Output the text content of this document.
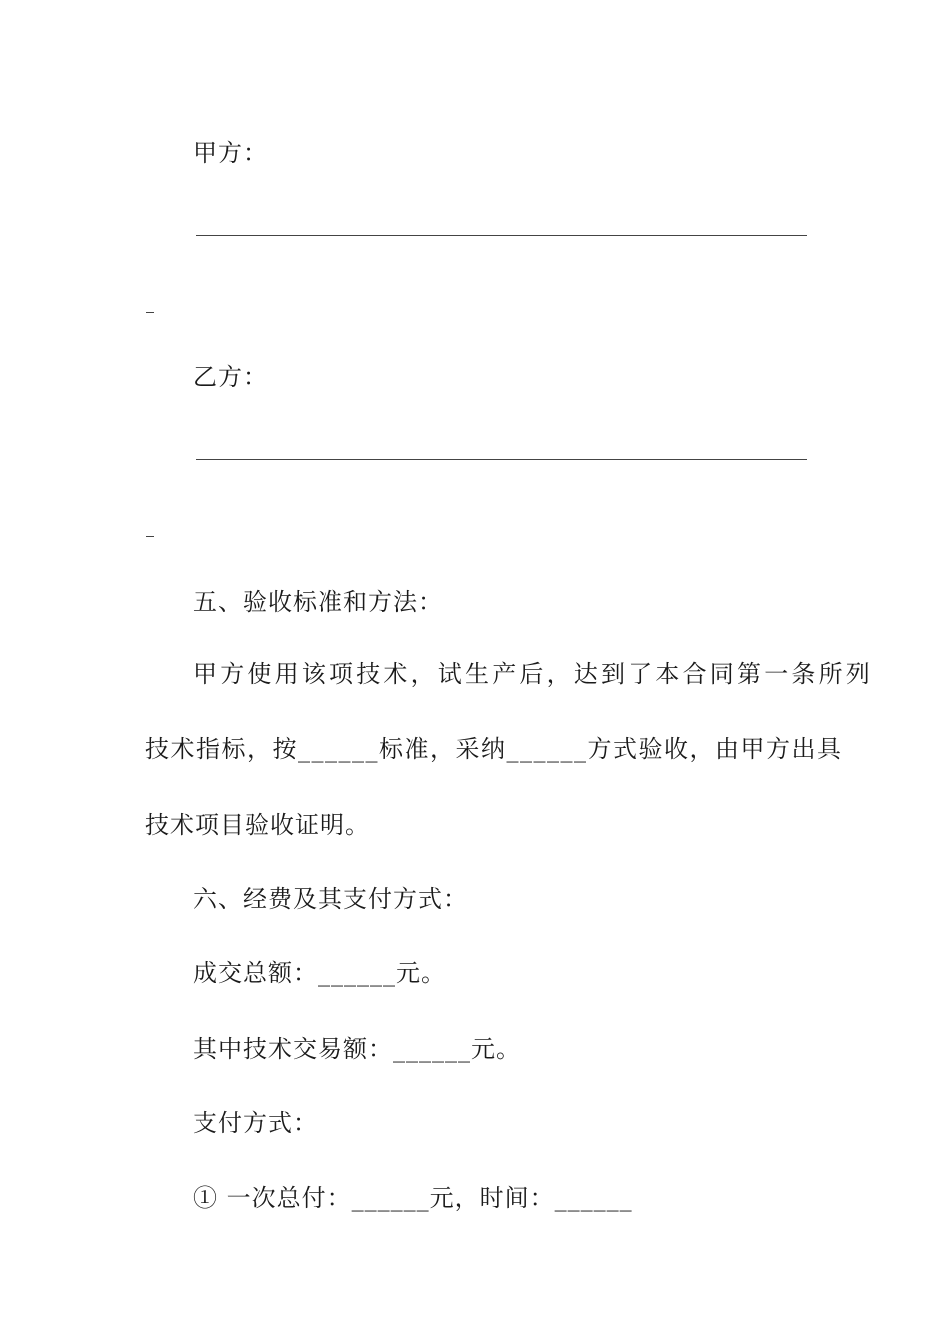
甲方：
乙方：
五、验收标准和方法：
甲方使用该项技术，试生产后，达到了本合同第一条所列
技术指标，按______标准，采纳______方式验收，由甲方出具
技术项目验收证明。
六、经费及其支付方式：
成交总额：______元。
其中技术交易额：______元。
支付方式：
① 一次总付：______元，时间：______
